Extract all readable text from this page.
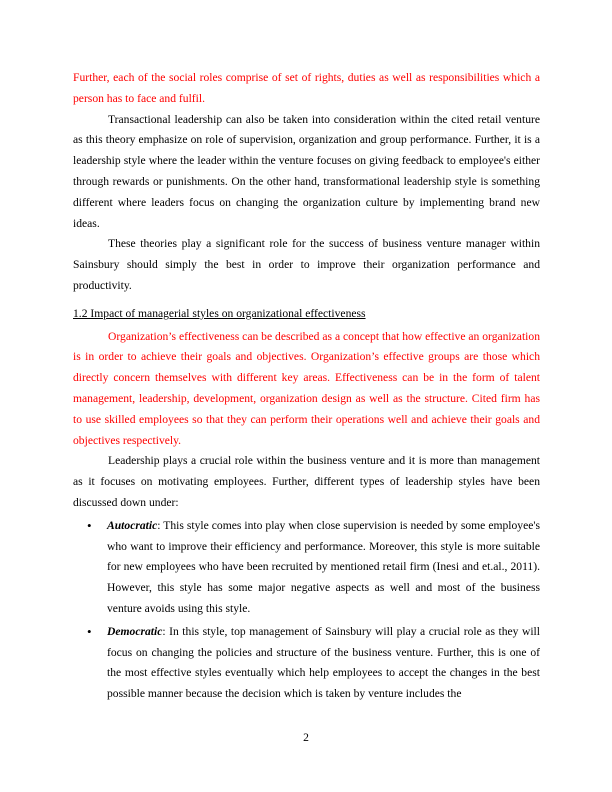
Further, each of the social roles comprise of set of rights, duties as well as responsibilities which a person has to face and fulfil.

Transactional leadership can also be taken into consideration within the cited retail venture as this theory emphasize on role of supervision, organization and group performance. Further, it is a leadership style where the leader within the venture focuses on giving feedback to employee's either through rewards or punishments. On the other hand, transformational leadership style is something different where leaders focus on changing the organization culture by implementing brand new ideas.

These theories play a significant role for the success of business venture manager within Sainsbury should simply the best in order to improve their organization performance and productivity.

1.2 Impact of managerial styles on organizational effectiveness

Organization’s effectiveness can be described as a concept that how effective an organization is in order to achieve their goals and objectives. Organization’s effective groups are those which directly concern themselves with different key areas. Effectiveness can be in the form of talent management, leadership, development, organization design as well as the structure. Cited firm has to use skilled employees so that they can perform their operations well and achieve their goals and objectives respectively.

Leadership plays a crucial role within the business venture and it is more than management as it focuses on motivating employees. Further, different types of leadership styles have been discussed down under:

• Autocratic: This style comes into play when close supervision is needed by some employee's who want to improve their efficiency and performance. Moreover, this style is more suitable for new employees who have been recruited by mentioned retail firm (Inesi and et.al., 2011). However, this style has some major negative aspects as well and most of the business venture avoids using this style.
• Democratic: In this style, top management of Sainsbury will play a crucial role as they will focus on changing the policies and structure of the business venture. Further, this is one of the most effective styles eventually which help employees to accept the changes in the best possible manner because the decision which is taken by venture includes the
2
